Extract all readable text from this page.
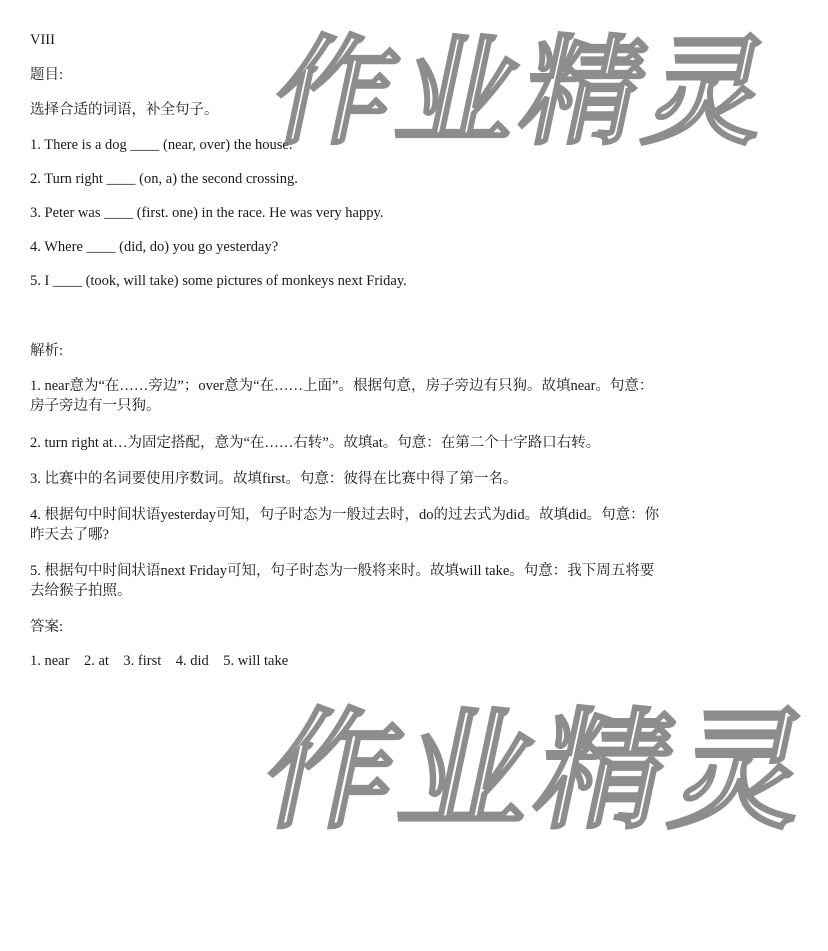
VIII
题目:
选择合适的词语，补全句子。
1. There is a dog ____ (near, over) the house.
2. Turn right ____ (on, a) the second crossing.
3. Peter was ____ (first. one) in the race. He was very happy.
4. Where ____ (did, do) you go yesterday?
5. I ____ (took, will take) some pictures of monkeys next Friday.
解析:
1. near意为“在……旁边”；over意为“在……上面”。根据句意，房子旁边有只狗。故填near。句意：房子旁边有一只狗。
2. turn right at…为固定搭配，意为“在……右转”。故填at。句意：在第二个十字路口右转。
3. 比赛中的名词要使用序数词。故填first。句意：彼得在比赛中得了第一名。
4. 根据句中时间状语yesterday可知，句子时态为一般过去时，do的过去式为did。故填did。句意：你昨天去了哪?
5. 根据句中时间状语next Friday可知，句子时态为一般将来时。故填will take。句意：我下周五将要去给猴子拍照。
答案:
1. near    2. at    3. first    4. did    5. will take
作业精灵
作业精灵
